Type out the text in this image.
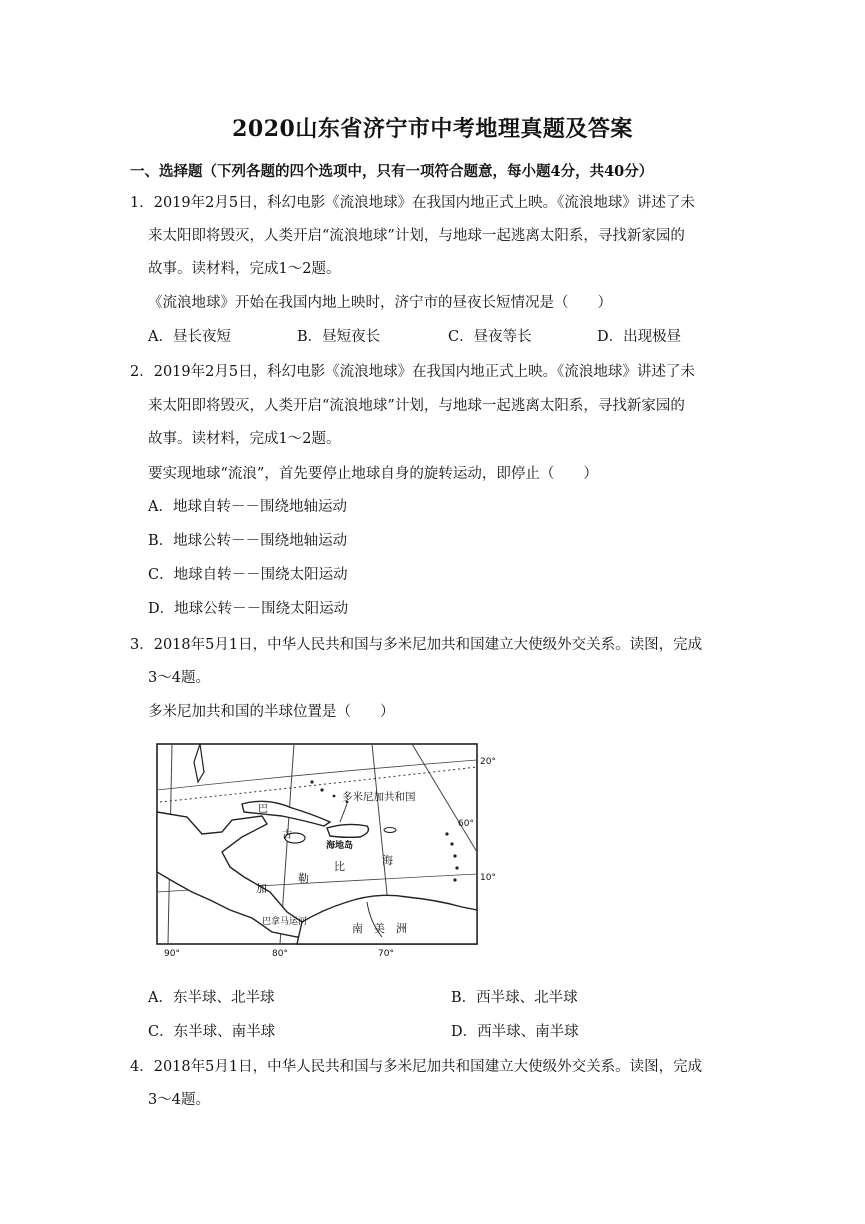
2020山东省济宁市中考地理真题及答案
一、选择题（下列各题的四个选项中，只有一项符合题意，每小题4分，共40分）
1．2019年2月5日，科幻电影《流浪地球》在我国内地正式上映。《流浪地球》讲述了未
来太阳即将毁灭，人类开启“流浪地球”计划，与地球一起逃离太阳系，寻找新家园的
故事。读材料，完成1～2题。
《流浪地球》开始在我国内地上映时，济宁市的昼夜长短情况是（　　）
A．昼长夜短	B．昼短夜长	C．昼夜等长	D．出现极昼
2．2019年2月5日，科幻电影《流浪地球》在我国内地正式上映。《流浪地球》讲述了未
来太阳即将毁灭，人类开启“流浪地球”计划，与地球一起逃离太阳系，寻找新家园的
故事。读材料，完成1～2题。
要实现地球“流浪”，首先要停止地球自身的旋转运动，即停止（　　）
A．地球自转－－围绕地轴运动
B．地球公转－－围绕地轴运动
C．地球自转－－围绕太阳运动
D．地球公转－－围绕太阳运动
3．2018年5月1日，中华人民共和国与多米尼加共和国建立大使级外交关系。读图，完成
3～4题。
多米尼加共和国的半球位置是（　　）
多米尼加共和国
海地岛
巴
古
加
勒
比	海
巴拿马运河	南　美　洲
20°
10°
90°	80°	70°
60°
A．东半球、北半球	B．西半球、北半球
C．东半球、南半球	D．西半球、南半球
4．2018年5月1日，中华人民共和国与多米尼加共和国建立大使级外交关系。读图，完成
3～4题。
